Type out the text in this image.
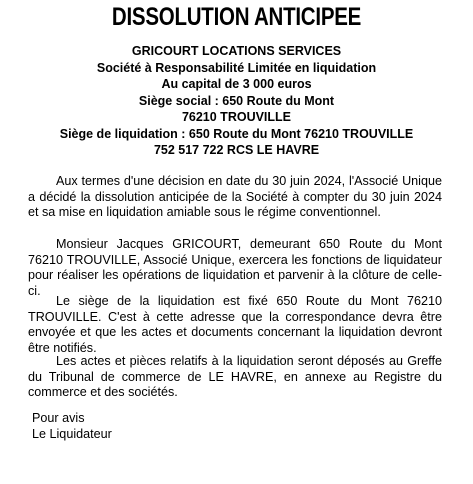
DISSOLUTION ANTICIPEE
GRICOURT LOCATIONS SERVICES
Société à Responsabilité Limitée en liquidation
Au capital de 3 000 euros
Siège social : 650 Route du Mont
76210 TROUVILLE
Siège de liquidation : 650 Route du Mont 76210 TROUVILLE
752 517 722 RCS LE HAVRE

Aux termes d'une décision en date du 30 juin 2024, l'Associé Unique a décidé la dissolution anticipée de la Société à compter du 30 juin 2024 et sa mise en liquidation amiable sous le régime conventionnel.

Monsieur Jacques GRICOURT, demeurant 650 Route du Mont 76210 TROUVILLE, Associé Unique, exercera les fonctions de liquidateur pour réaliser les opérations de liquidation et parvenir à la clôture de celle-ci.

Le siège de la liquidation est fixé 650 Route du Mont 76210 TROUVILLE. C'est à cette adresse que la correspondance devra être envoyée et que les actes et documents concernant la liquidation devront être notifiés.

Les actes et pièces relatifs à la liquidation seront déposés au Greffe du Tribunal de commerce de LE HAVRE, en annexe au Registre du commerce et des sociétés.

Pour avis
Le Liquidateur
